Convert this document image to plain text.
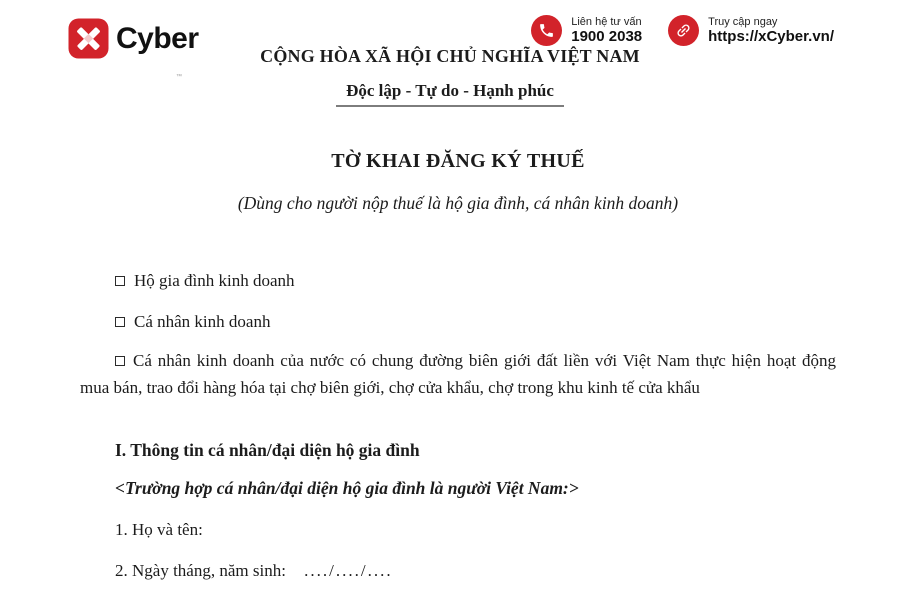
Cyber
™
Liên hệ tư vấn
1900 2038
Truy cập ngay
https://xCyber.vn/
CỘNG HÒA XÃ HỘI CHỦ NGHĨA VIỆT NAM
Độc lập - Tự do - Hạnh phúc
TỜ KHAI ĐĂNG KÝ THUẾ

(Dùng cho người nộp thuế là hộ gia đình, cá nhân kinh doanh)

Hộ gia đình kinh doanh
Cá nhân kinh doanh

Cá nhân kinh doanh của nước có chung đường biên giới đất liền với Việt Nam thực hiện hoạt động mua bán, trao đổi hàng hóa tại chợ biên giới, chợ cửa khẩu, chợ trong khu kinh tế cửa khẩu

I. Thông tin cá nhân/đại diện hộ gia đình

<Trường hợp cá nhân/đại diện hộ gia đình là người Việt Nam:>

1. Họ và tên:

2. Ngày tháng, năm sinh: ..../..../....
